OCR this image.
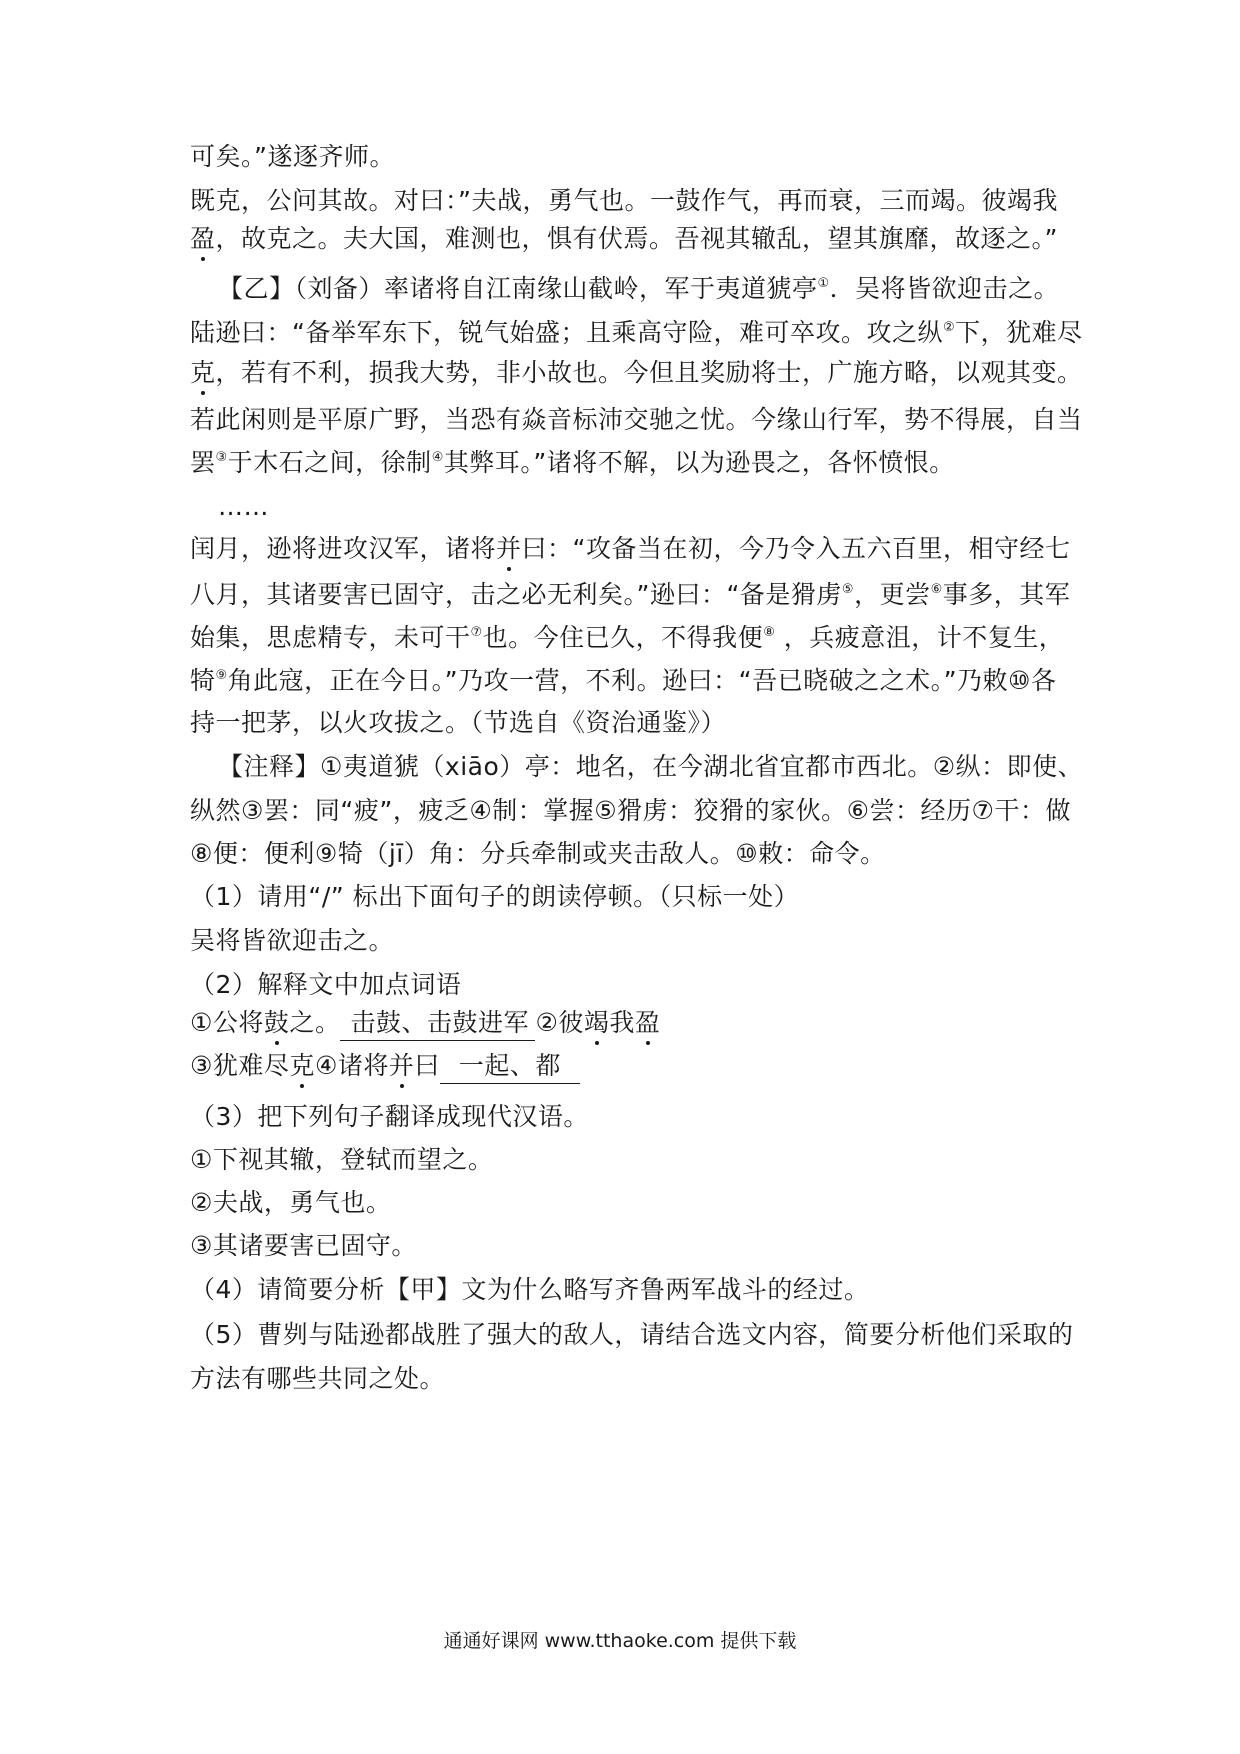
可矣。”遂逐齐师。
既克，公问其故。对曰：”夫战，勇气也。一鼓作气，再而衰，三而竭。彼竭我
盈，故克之。夫大国，难测也，惧有伏焉。吾视其辙乱，望其旗靡，故逐之。”
【乙】（刘备）率诸将自江南缘山截岭，军于夷道猇亭①．吴将皆欲迎击之。
陆逊曰：“备举军东下，锐气始盛；且乘高守险，难可卒攻。攻之纵②下，犹难尽
克，若有不利，损我大势，非小故也。今但且奖励将士，广施方略，以观其变。
若此闲则是平原广野，当恐有焱音标沛交驰之忧。今缘山行军，势不得展，自当
罢③于木石之间，徐制④其弊耳。”诸将不解，以为逊畏之，各怀愤恨。
……
闰月，逊将进攻汉军，诸将并曰：“攻备当在初，今乃令入五六百里，相守经七
八月，其诸要害已固守，击之必无利矣。”逊曰：“备是猾虏⑤，更尝⑥事多，其军
始集，思虑精专，未可干⑦也。今住已久，不得我便⑧ ，兵疲意沮，计不复生，
犄⑨角此寇，正在今日。”乃攻一营，不利。逊曰：“吾已晓破之之术。”乃敕⑩各
持一把茅，以火攻拔之。（节选自《资治通鉴》）
【注释】①夷道猇（xiāo）亭：地名，在今湖北省宜都市西北。②纵：即使、
纵然③罢：同“疲”，疲乏④制：掌握⑤猾虏：狡猾的家伙。⑥尝：经历⑦干：做
⑧便：便利⑨犄（jī）角：分兵牵制或夹击敌人。⑩敕：命令。
（1）请用“/” 标出下面句子的朗读停顿。（只标一处）
吴将皆欲迎击之。
（2）解释文中加点词语
①公将鼓之。 击鼓、击鼓进军 ②彼竭我盈
③犹难尽克④诸将并曰 一起、都
（3）把下列句子翻译成现代汉语。
①下视其辙，登轼而望之。
②夫战，勇气也。
③其诸要害已固守。
（4）请简要分析【甲】文为什么略写齐鲁两军战斗的经过。
（5）曹刿与陆逊都战胜了强大的敌人，请结合选文内容，简要分析他们采取的
方法有哪些共同之处。
通通好课网 www.tthaoke.com 提供下载
